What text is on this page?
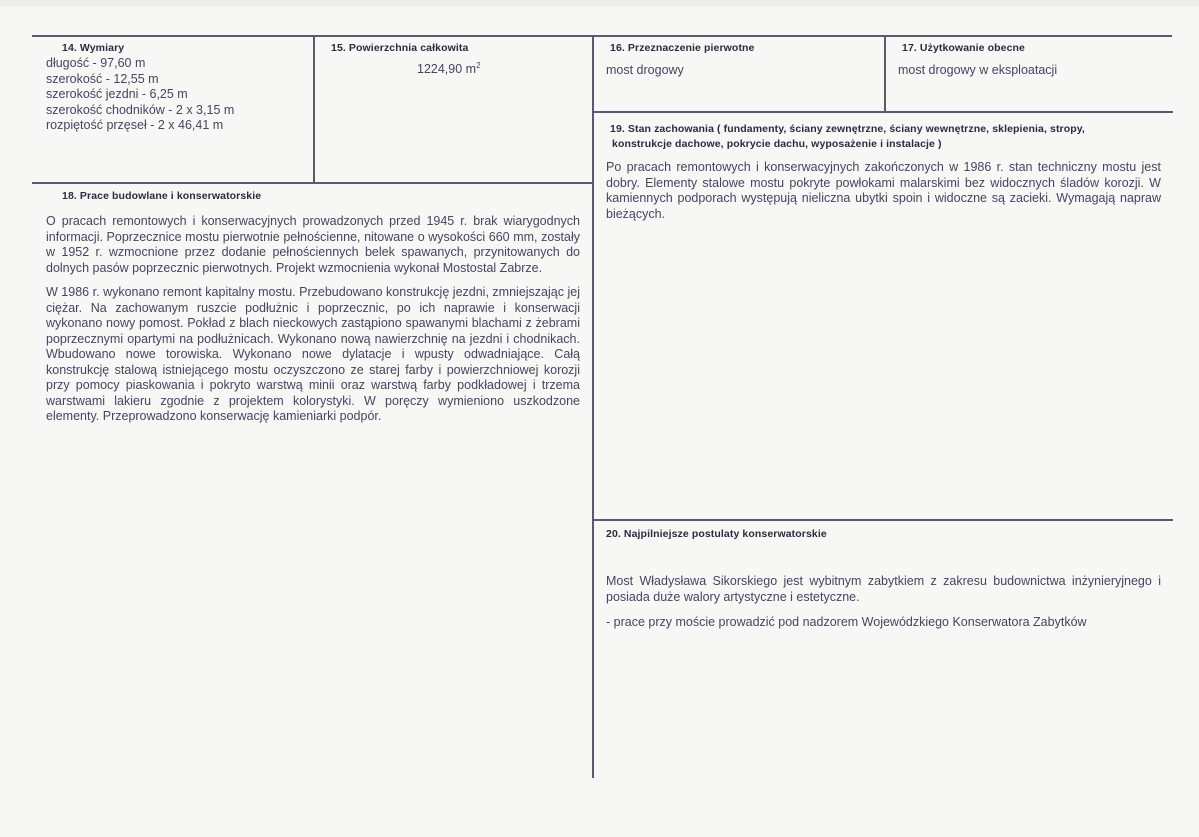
14. Wymiary
długość - 97,60 m
szerokość - 12,55 m
szerokość jezdni - 6,25 m
szerokość chodników - 2 x 3,15 m
rozpiętość przęseł - 2 x 46,41 m
15. Powierzchnia całkowita
1224,90 $m^2$
16. Przeznaczenie pierwotne
most drogowy
17. Użytkowanie obecne
most drogowy w eksploatacji
18. Prace budowlane i konserwatorskie

O pracach remontowych i konserwacyjnych prowadzonych przed 1945 r. brak wiarygodnych informacji. Poprzecznice mostu pierwotnie pełnościenne, nitowane o wysokości 660 mm, zostały w 1952 r. wzmocnione przez dodanie pełnościennych belek spawanych, przynitowanych do dolnych pasów poprzecznic pierwotnych. Projekt wzmocnienia wykonał Mostostal Zabrze.

W 1986 r. wykonano remont kapitalny mostu. Przebudowano konstrukcję jezdni, zmniejszając jej ciężar. Na zachowanym ruszcie podłużnic i poprzecznic, po ich naprawie i konserwacji wykonano nowy pomost. Pokład z blach nieckowych zastąpiono spawanymi blachami z żebrami poprzecznymi opartymi na podłużnicach. Wykonano nową nawierzchnię na jezdni i chodnikach. Wbudowano nowe torowiska. Wykonano nowe dylatacje i wpusty odwadniające. Całą konstrukcję stalową istniejącego mostu oczyszczono ze starej farby i powierzchniowej korozji przy pomocy piaskowania i pokryto warstwą minii oraz warstwą farby podkładowej i trzema warstwami lakieru zgodnie z projektem kolorystyki. W poręczy wymieniono uszkodzone elementy. Przeprowadzono konserwację kamieniarki podpór.

19. Stan zachowania ( fundamenty, ściany zewnętrzne, ściany wewnętrzne, sklepienia, stropy,
konstrukcje dachowe, pokrycie dachu, wyposażenie i instalacje )

Po pracach remontowych i konserwacyjnych zakończonych w 1986 r. stan techniczny mostu jest dobry. Elementy stalowe mostu pokryte powłokami malarskimi bez widocznych śladów korozji. W kamiennych podporach występują nieliczna ubytki spoin i widoczne są zacieki. Wymagają napraw bieżących.

20. Najpilniejsze postulaty konserwatorskie

Most Władysława Sikorskiego jest wybitnym zabytkiem z zakresu budownictwa inżynieryjnego i posiada duże walory artystyczne i estetyczne.

- prace przy moście prowadzić pod nadzorem Wojewódzkiego Konserwatora Zabytków
